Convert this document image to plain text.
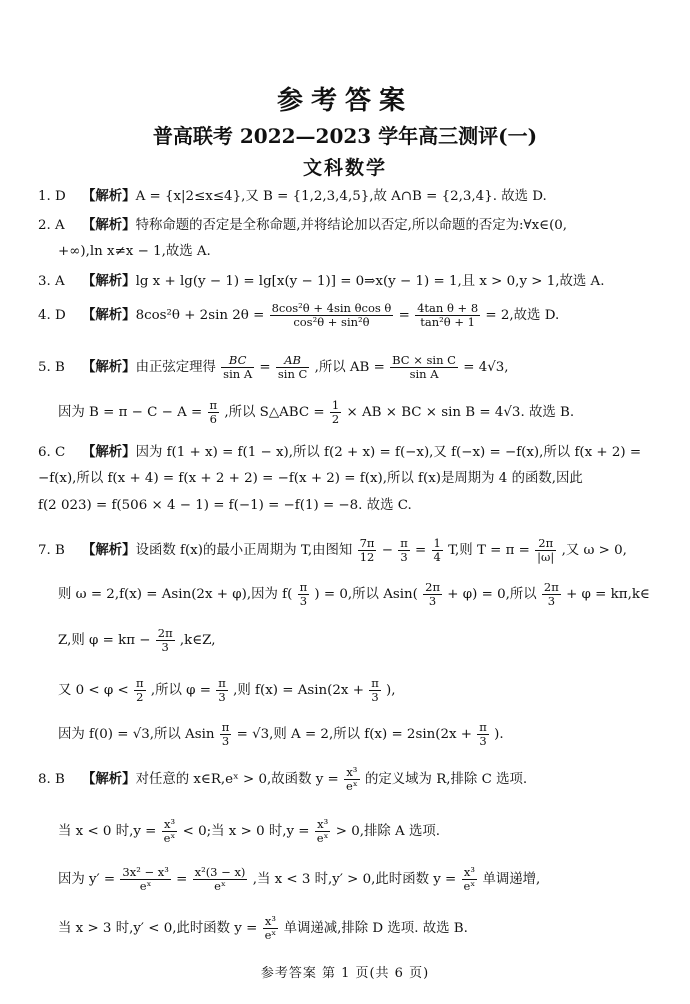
参考答案
普高联考 2022—2023 学年高三测评(一)
文科数学
1. D 【解析】A = {x|2≤x≤4},又 B = {1,2,3,4,5},故 A∩B = {2,3,4}. 故选 D.
2. A 【解析】特称命题的否定是全称命题,并将结论加以否定,所以命题的否定为:∀x∈(0,
+∞),ln x≠x − 1,故选 A.
3. A 【解析】lg x + lg(y − 1) = lg[x(y − 1)] = 0⇒x(y − 1) = 1,且 x > 0,y > 1,故选 A.
4. D 【解析】8cos²θ + 2sin $2\theta = \frac{\text{8cos²θ + 4sin θcos θ}}{\text{cos²θ + sin²θ}} = \frac{\text{4tan θ + 8}}{\text{tan²θ + 1}} = 2$,故选 D.
5. B 【解析】由正弦定理得 $\frac{BC}{\text{sin A}} = \frac{AB}{\text{sin C}}$ ,所以 AB = $\frac{\text{BC × sin C}}{\text{sin A}} = 4√3$,
因为 $B = \pi - C - A = \frac{\pi}{6}$ ,所以 S△ABC = $\frac{1}{2}$ × AB × BC × sin B = 4√3. 故选 B.
6. C 【解析】因为 f(1 + x) = f(1 − x),所以 f(2 + x) = f(−x),又 f(−x) = −f(x),所以 f(x + 2) =
−f(x),所以 f(x + 4) = f(x + 2 + 2) = −f(x + 2) = f(x),所以 f(x)是周期为 4 的函数,因此
f(2 023) = f(506 × 4 − 1) = f(−1) = −f(1) = −8. 故选 C.
7. B 【解析】设函数 f(x)的最小正周期为 T,由图知 $\frac{7\pi}{12} - \frac{\pi}{3} = \frac{1}{4} T$,则 $T = \pi = \frac{2\pi}{|\omega|}$ ,又 ω > 0,
则 ω = 2,f(x) = Asin(2x + φ),因为 $f( \frac{\pi}{3}$ ) = 0,所以 $Asin( \frac{2\pi}{3} + \varphi) = 0$,所以 $\frac{2\pi}{3} + \varphi$ = kπ,k∈
Z,则 $\varphi = k\pi - \frac{2\pi}{3}$ ,k∈Z,
又 $0 < \varphi < \frac{\pi}{2}$ ,所以 $\varphi = \frac{\pi}{3}$ ,则 $f(x) = Asin(2x + \frac{\pi}{3}$ ),
因为 f(0) = √3,所以 Asin $\frac{\pi}{3} = √3$,则 A = 2,所以 $f(x) = 2\sin(2x + \frac{\pi}{3}$ ).
8. B 【解析】对任意的 x∈R,eˣ > 0,故函数 $y = \frac{\text{x³}}{\text{eˣ}}$ 的定义域为 R,排除 C 选项.
当 x < 0 时$,y = \frac{\text{x³}}{\text{eˣ}} < 0$;当 x > 0 时$,y = \frac{\text{x³}}{\text{eˣ}} > 0$,排除 A 选项.
因为 $y' = \frac{\text{3x² − x³}}{\text{eˣ}} = \frac{\text{x²(3 − x)}}{\text{eˣ}}$ ,当 x < 3 时,y′ > 0,此时函数 $y = \frac{\text{x³}}{\text{eˣ}}$ 单调递增,
当 x > 3 时,y′ < 0,此时函数 $y = \frac{\text{x³}}{\text{eˣ}}$ 单调递减,排除 D 选项. 故选 B.
参考答案 第 1 页(共 6 页)
